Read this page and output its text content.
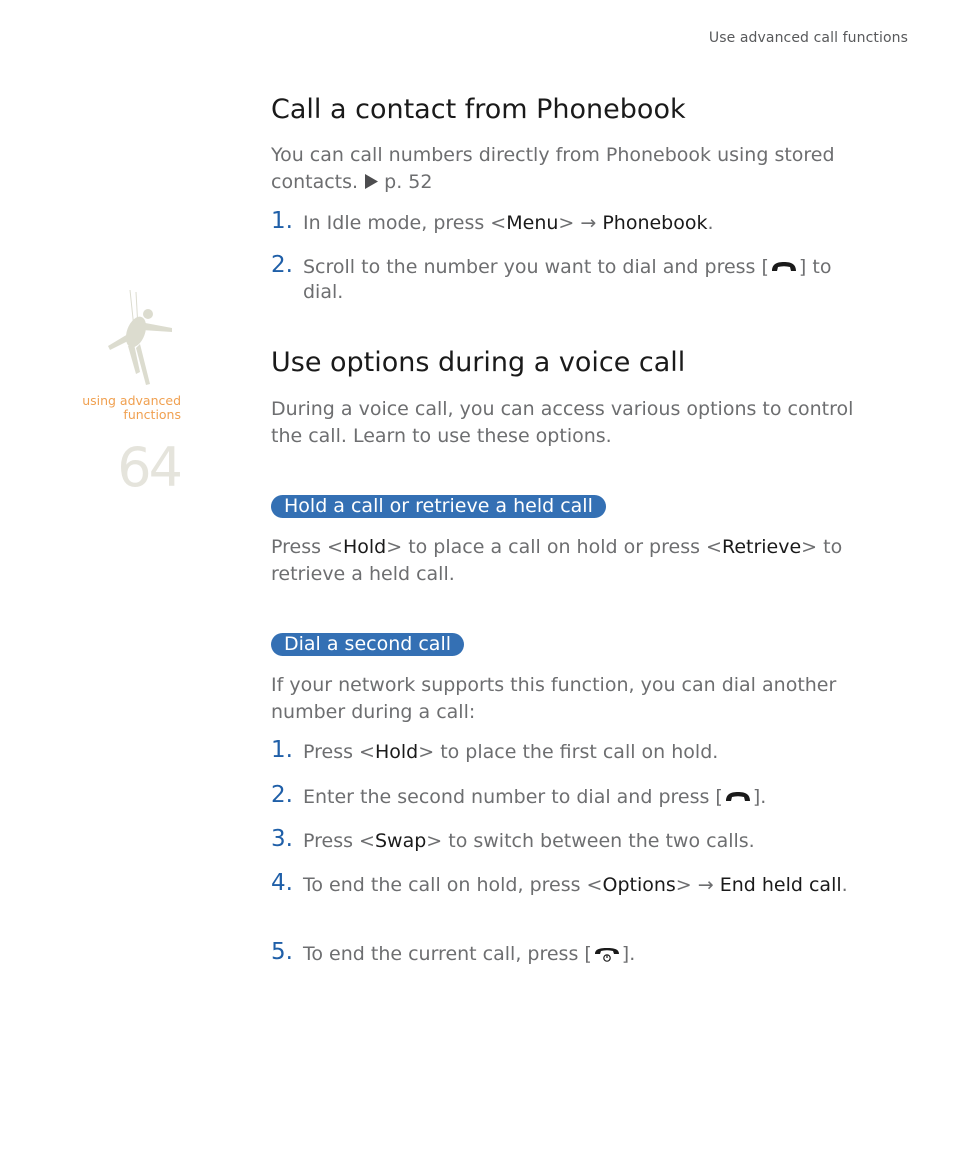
Use advanced call functions
using advanced
functions
64
Call a contact from Phonebook

You can call numbers directly from Phonebook using stored contacts. p. 52

1. In Idle mode, press <Menu> → Phonebook.
2. Scroll to the number you want to dial and press [ ] to dial.
Use options during a voice call

During a voice call, you can access various options to control the call. Learn to use these options.

Hold a call or retrieve a held call

Press <Hold> to place a call on hold or press <Retrieve> to retrieve a held call.

Dial a second call

If your network supports this function, you can dial another number during a call:

1. Press <Hold> to place the first call on hold.
2. Enter the second number to dial and press [ ].
3. Press <Swap> to switch between the two calls.
4. To end the call on hold, press <Options> → End held call.
5. To end the current call, press [ ].
